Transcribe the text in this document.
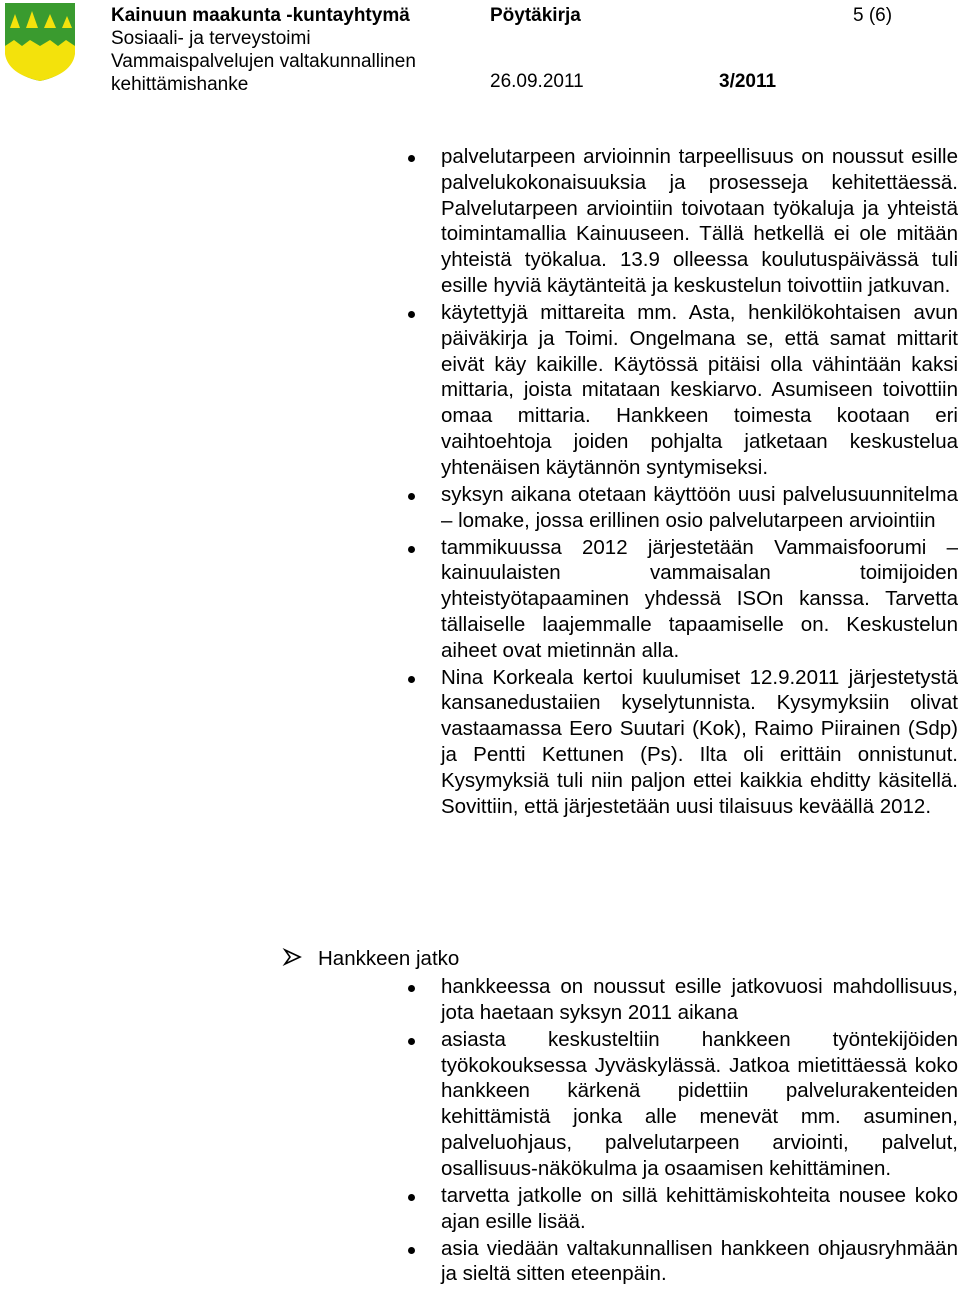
Kainuun maakunta -kuntayhtymä
Sosiaali- ja terveystoimi
Vammaispalvelujen valtakunnallinen
kehittämishanke
Pöytäkirja	5 (6)
26.09.2011	3/2011
palvelutarpeen arvioinnin tarpeellisuus on noussut esille palvelukokonaisuuksia ja prosesseja kehitettäessä. Palvelutarpeen arviointiin toivotaan työkaluja ja yhteistä toimintamallia Kainuuseen. Tällä hetkellä ei ole mitään yhteistä työkalua. 13.9 olleessa koulutuspäivässä tuli esille hyviä käytänteitä ja keskustelun toivottiin jatkuvan.
käytettyjä mittareita mm. Asta, henkilökohtaisen avun päiväkirja ja Toimi. Ongelmana se, että samat mittarit eivät käy kaikille. Käytössä pitäisi olla vähintään kaksi mittaria, joista mitataan keskiarvo. Asumiseen toivottiin omaa mittaria. Hankkeen toimesta kootaan eri vaihtoehtoja joiden pohjalta jatketaan keskustelua yhtenäisen käytännön syntymiseksi.
syksyn aikana otetaan käyttöön uusi palvelusuunnitelma – lomake, jossa erillinen osio palvelutarpeen arviointiin
tammikuussa 2012 järjestetään Vammaisfoorumi – kainuulaisten vammaisalan toimijoiden yhteistyötapaaminen yhdessä ISOn kanssa. Tarvetta tällaiselle laajemmalle tapaamiselle on. Keskustelun aiheet ovat mietinnän alla.
Nina Korkeala kertoi kuulumiset 12.9.2011 järjestetystä kansanedustaiien kyselytunnista. Kysymyksiin olivat vastaamassa Eero Suutari (Kok), Raimo Piirainen (Sdp) ja Pentti Kettunen (Ps). Ilta oli erittäin onnistunut. Kysymyksiä tuli niin paljon ettei kaikkia ehditty käsitellä. Sovittiin, että järjestetään uusi tilaisuus keväällä 2012.
Hankkeen jatko
hankkeessa on noussut esille jatkovuosi mahdollisuus, jota haetaan syksyn 2011 aikana
asiasta keskusteltiin hankkeen työntekijöiden työkokouksessa Jyväskylässä. Jatkoa mietittäessä koko hankkeen kärkenä pidettiin palvelurakenteiden kehittämistä jonka alle menevät mm. asuminen, palveluohjaus, palvelutarpeen arviointi, palvelut, osallisuus-näkökulma ja osaamisen kehittäminen.
tarvetta jatkolle on sillä kehittämiskohteita nousee koko ajan esille lisää.
asia viedään valtakunnallisen hankkeen ohjausryhmään ja sieltä sitten eteenpäin.
